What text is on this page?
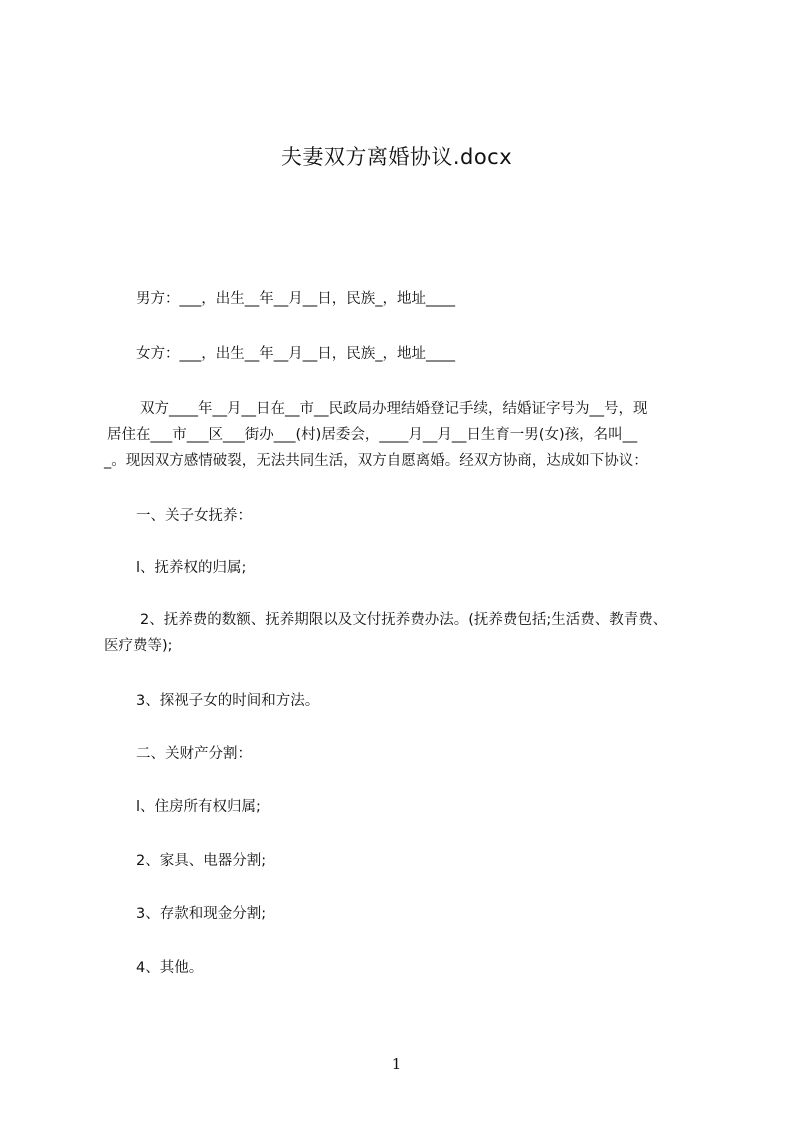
夫妻双方离婚协议.docx
男方：___，出生__年__月__日，民族_，地址____
女方：___，出生__年__月__日，民族_，地址____
双方____年__月__日在__市__民政局办理结婚登记手续，结婚证字号为__号，现
居住在___市___区___街办___(村)居委会，____月__月__日生育一男(女)孩，名叫__
_。现因双方感情破裂，无法共同生活，双方自愿离婚。经双方协商，达成如下协议：
一、关子女抚养：
l、抚养权的归属;
2、抚养费的数额、抚养期限以及文付抚养费办法。(抚养费包括;生活费、教青费、
医疗费等);
3、探视子女的时间和方法。
二、关财产分割：
l、住房所有权归属;
2、家具、电器分割;
3、存款和现金分割;
4、其他。
1
